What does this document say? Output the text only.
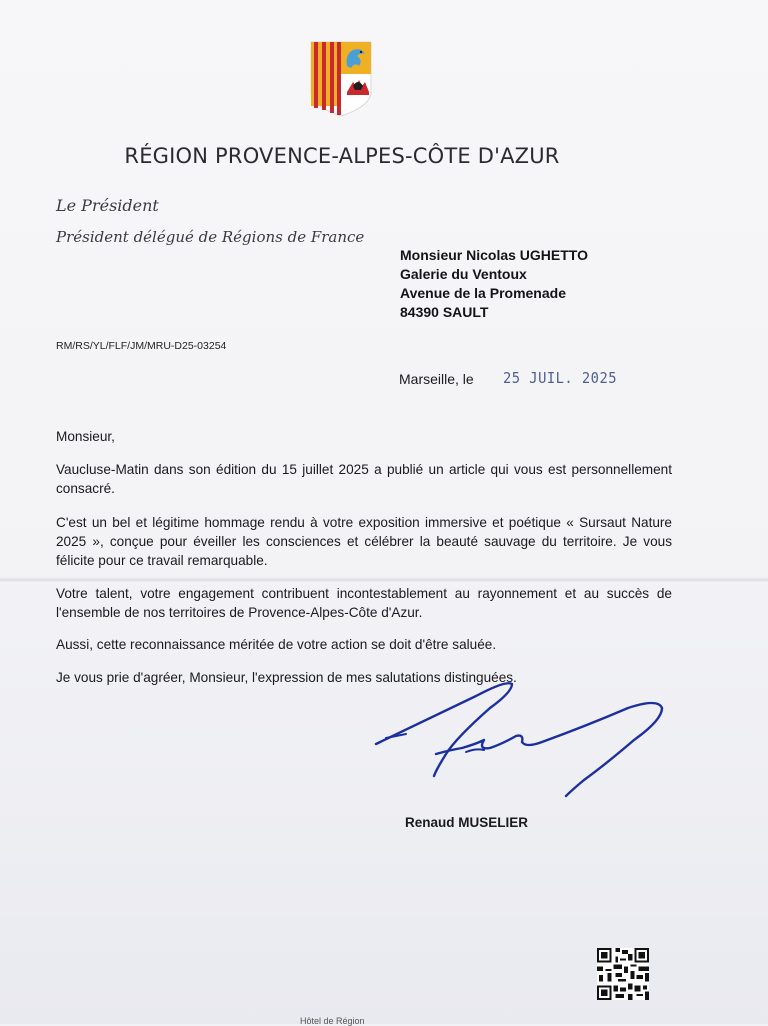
RÉGION PROVENCE-ALPES-CÔTE D'AZUR
Le Président
Président délégué de Régions de France
Monsieur Nicolas UGHETTO
Galerie du Ventoux
Avenue de la Promenade
84390 SAULT
RM/RS/YL/FLF/JM/MRU-D25-03254
Marseille, le 25 JUIL. 2025
Monsieur,
Vaucluse-Matin dans son édition du 15 juillet 2025 a publié un article qui vous est personnellement consacré.
C'est un bel et légitime hommage rendu à votre exposition immersive et poétique « Sursaut Nature 2025 », conçue pour éveiller les consciences et célébrer la beauté sauvage du territoire. Je vous félicite pour ce travail remarquable.
Votre talent, votre engagement contribuent incontestablement au rayonnement et au succès de l'ensemble de nos territoires de Provence-Alpes-Côte d'Azur.
Aussi, cette reconnaissance méritée de votre action se doit d'être saluée.
Je vous prie d'agréer, Monsieur, l'expression de mes salutations distinguées.
Renaud MUSELIER
Hôtel de Région
